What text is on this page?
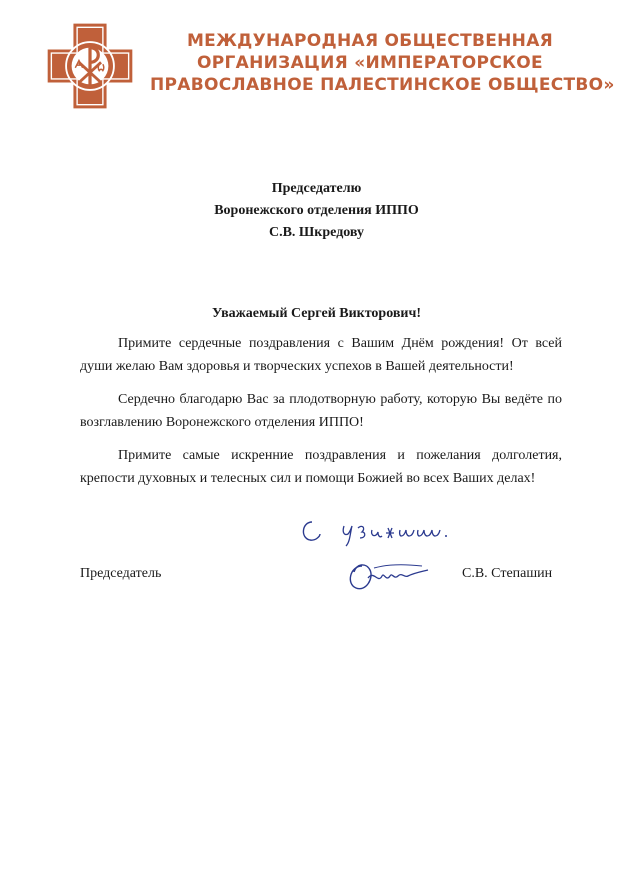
МЕЖДУНАРОДНАЯ ОБЩЕСТВЕННАЯ
ОРГАНИЗАЦИЯ «ИМПЕРАТОРСКОЕ
ПРАВОСЛАВНОЕ ПАЛЕСТИНСКОЕ ОБЩЕСТВО»
Председателю
Воронежского отделения ИППО
С.В. Шкредову
Уважаемый Сергей Викторович!

Примите сердечные поздравления с Вашим Днём рождения! От всей души желаю Вам здоровья и творческих успехов в Вашей деятельности!

Сердечно благодарю Вас за плодотворную работу, которую Вы ведёте по возглавлению Воронежского отделения ИППО!

Примите самые искренние поздравления и пожелания долголетия, крепости духовных и телесных сил и помощи Божией во всех Ваших делах!

Председатель	С.В. Степашин
